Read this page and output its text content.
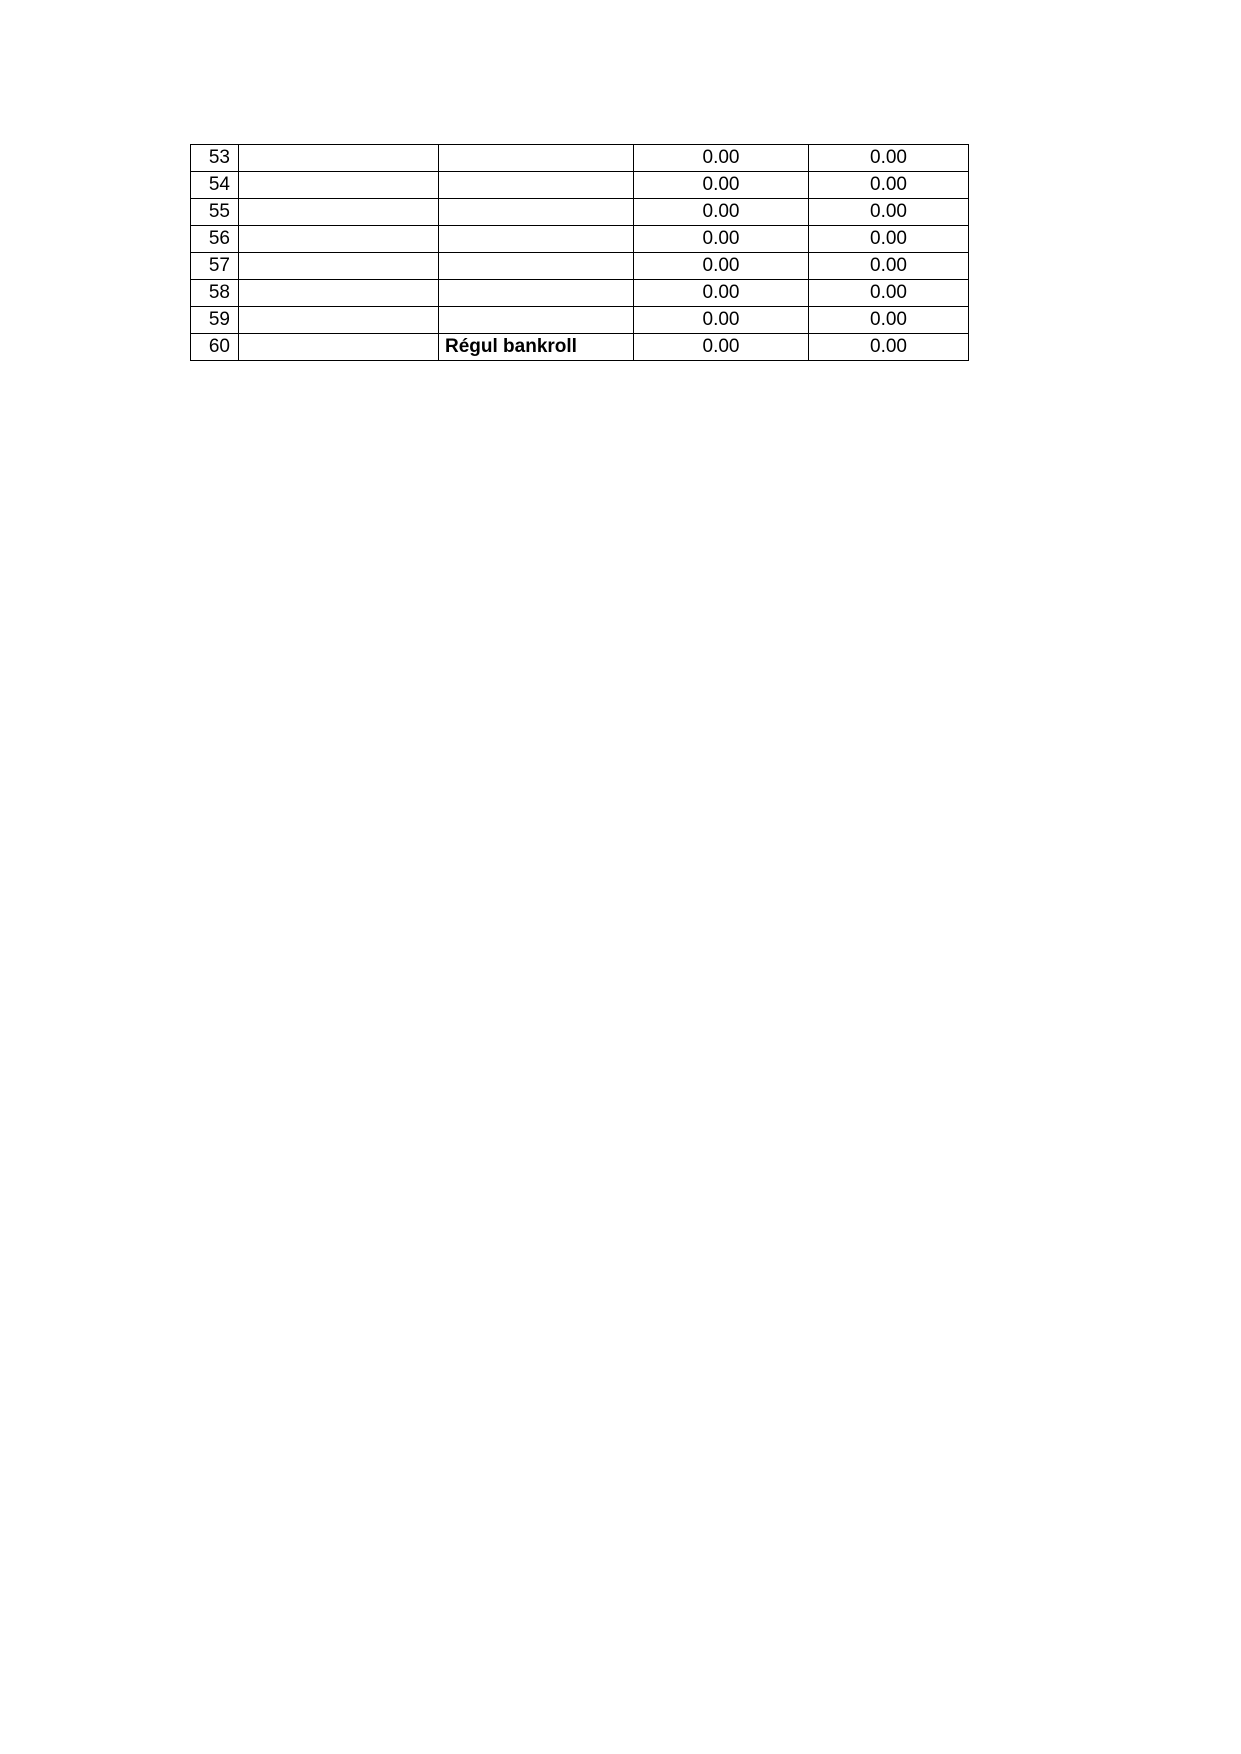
53			0.00	0.00
54			0.00	0.00
55			0.00	0.00
56			0.00	0.00
57			0.00	0.00
58			0.00	0.00
59			0.00	0.00
60		Régul bankroll	0.00	0.00
